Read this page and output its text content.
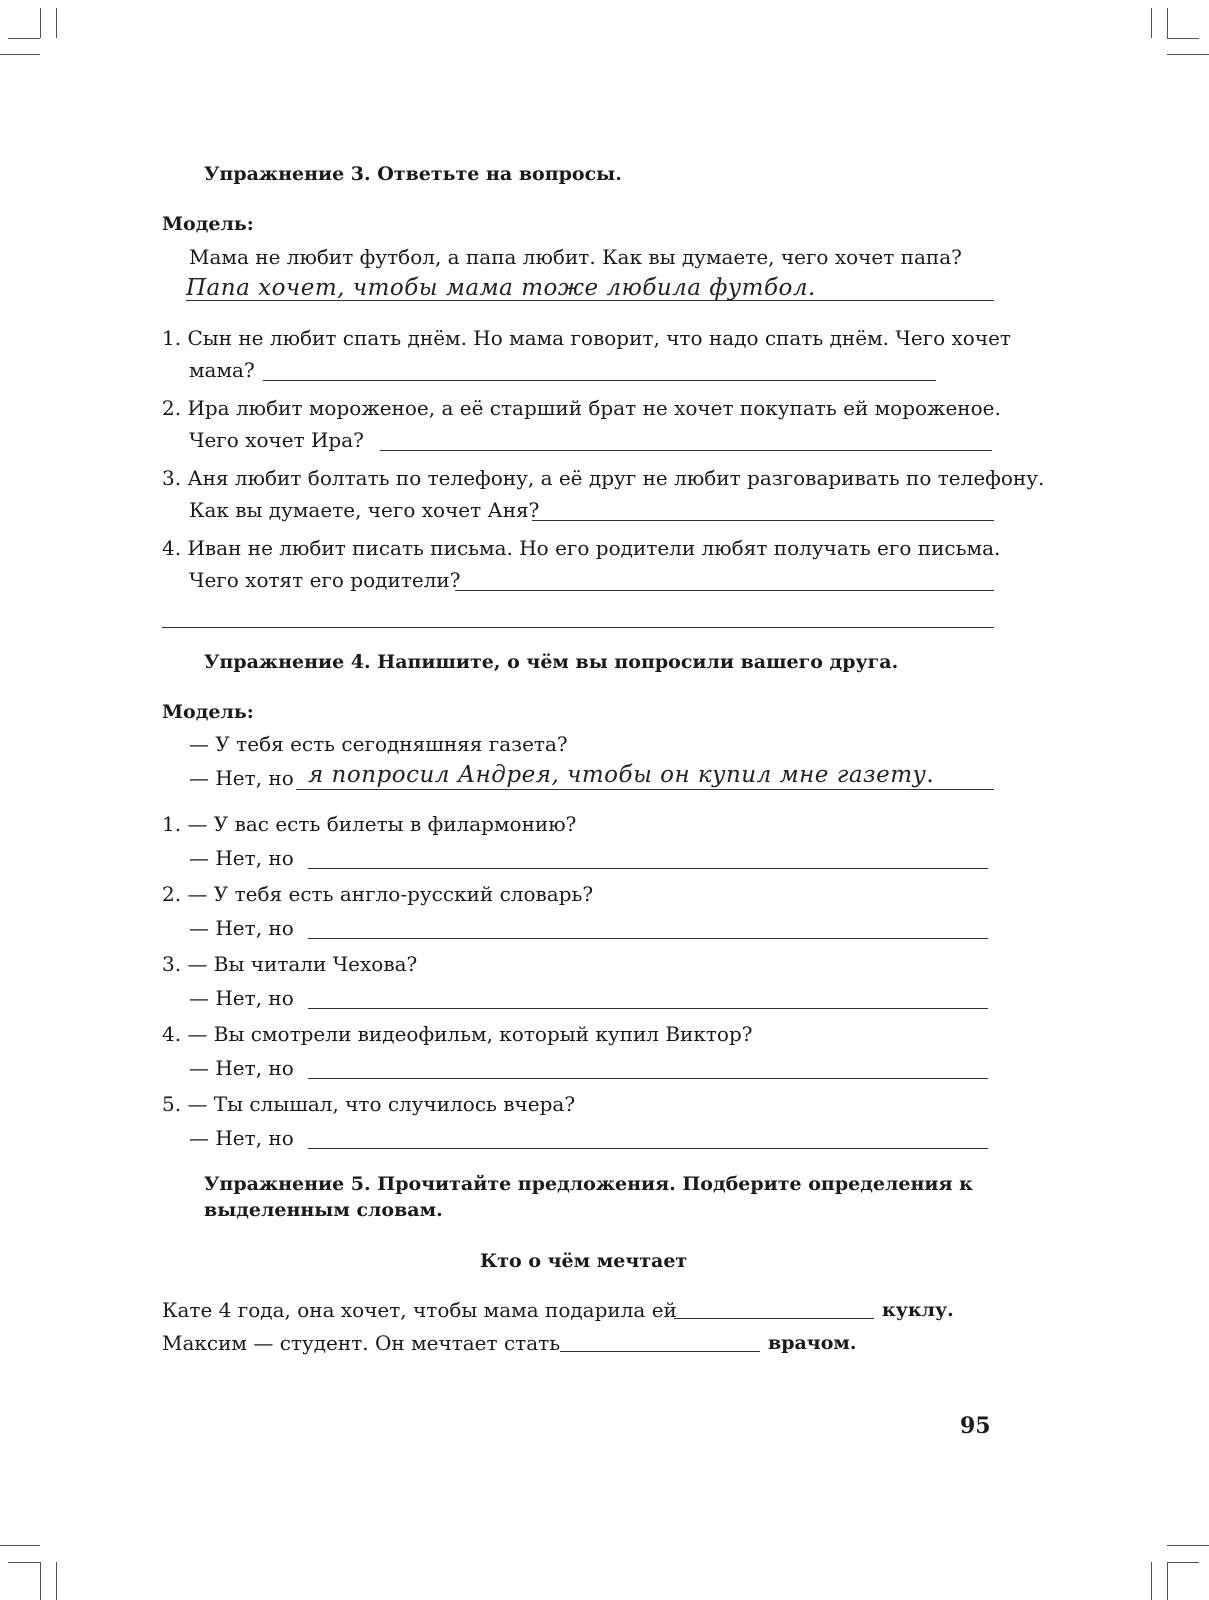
Упражнение 3. Ответьте на вопросы.
Модель:
Мама не любит футбол, а папа любит. Как вы думаете, чего хочет папа?
Папа хочет, чтобы мама тоже любила футбол.
1. Сын не любит спать днём. Но мама говорит, что надо спать днём. Чего хочет
мама?
2. Ира любит мороженое, а её старший брат не хочет покупать ей мороженое.
Чего хочет Ира?
3. Аня любит болтать по телефону, а её друг не любит разговаривать по телефону.
Как вы думаете, чего хочет Аня?
4. Иван не любит писать письма. Но его родители любят получать его письма.
Чего хотят его родители?
Упражнение 4. Напишите, о чём вы попросили вашего друга.
Модель:
— У тебя есть сегодняшняя газета?
— Нет, но я попросил Андрея, чтобы он купил мне газету.
1. — У вас есть билеты в филармонию?
— Нет, но
2. — У тебя есть англо-русский словарь?
— Нет, но
3. — Вы читали Чехова?
— Нет, но
4. — Вы смотрели видеофильм, который купил Виктор?
— Нет, но
5. — Ты слышал, что случилось вчера?
— Нет, но
Упражнение 5. Прочитайте предложения. Подберите определения к
выделенным словам.
Кто о чём мечтает
Кате 4 года, она хочет, чтобы мама подарила ей	куклу.
Максим — студент. Он мечтает стать	врачом.
95
